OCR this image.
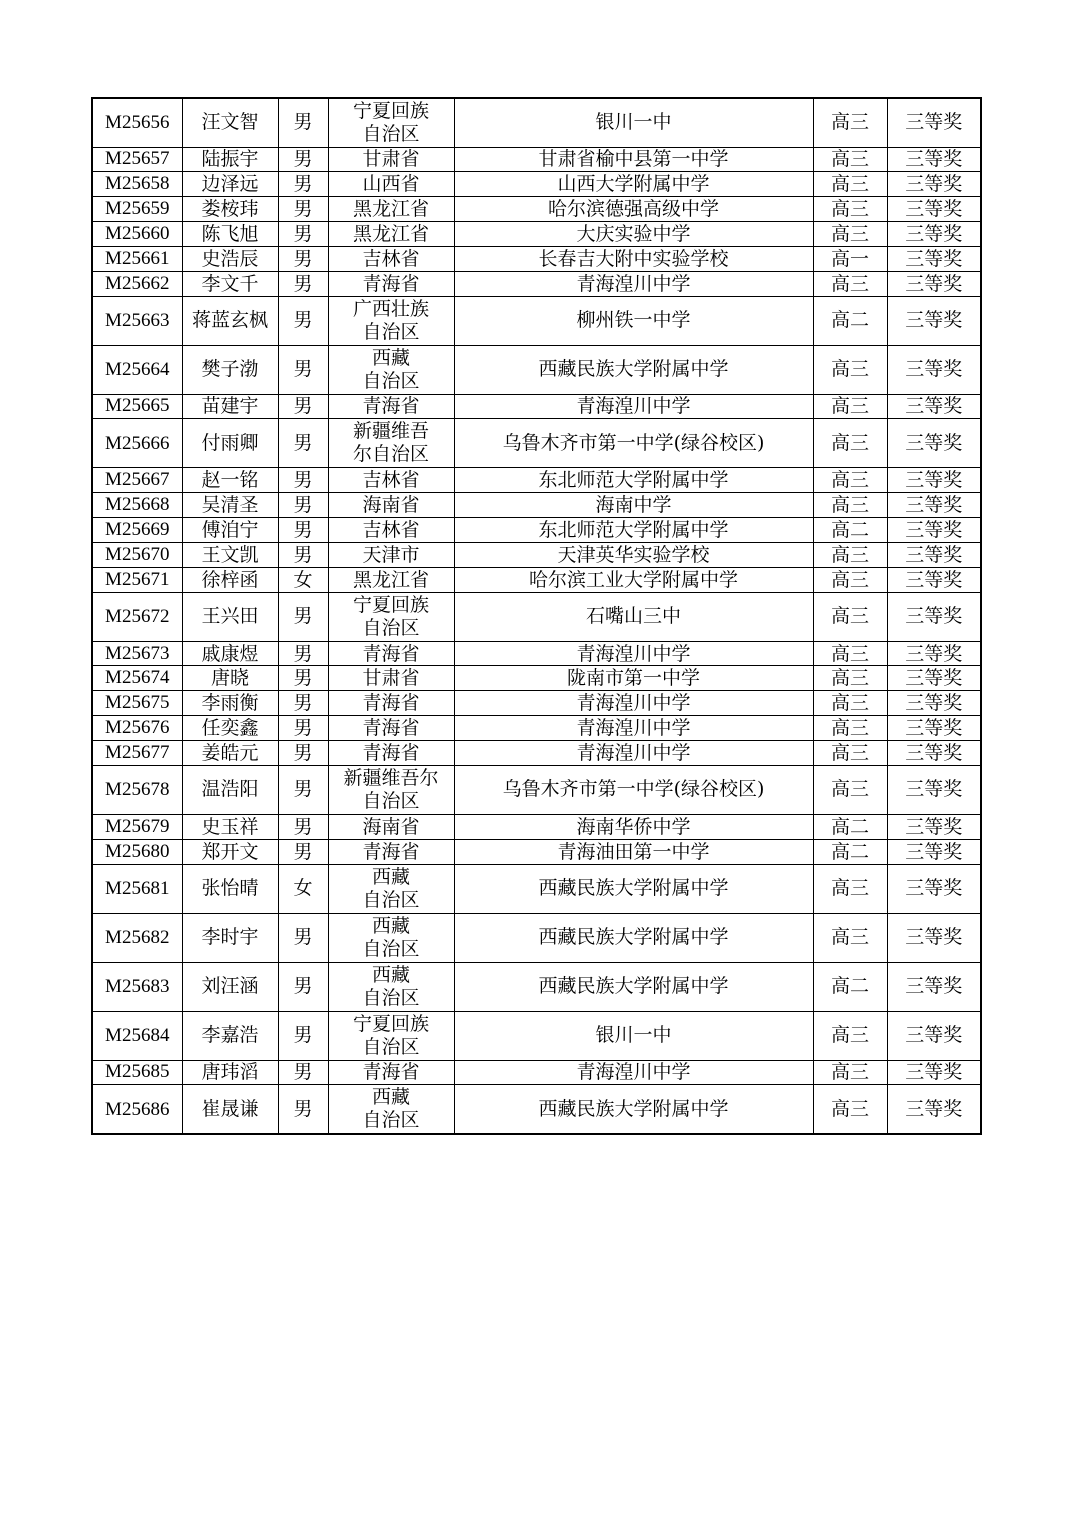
M25656	汪文智	男	宁夏回族
自治区	银川一中	高三	三等奖
M25657	陆振宇	男	甘肃省	甘肃省榆中县第一中学	高三	三等奖
M25658	边泽远	男	山西省	山西大学附属中学	高三	三等奖
M25659	娄桉玮	男	黑龙江省	哈尔滨德强高级中学	高三	三等奖
M25660	陈飞旭	男	黑龙江省	大庆实验中学	高三	三等奖
M25661	史浩辰	男	吉林省	长春吉大附中实验学校	高一	三等奖
M25662	李文千	男	青海省	青海湟川中学	高三	三等奖
M25663	蒋蓝玄枫	男	广西壮族
自治区	柳州铁一中学	高二	三等奖
M25664	樊子渤	男	西藏
自治区	西藏民族大学附属中学	高三	三等奖
M25665	苗建宇	男	青海省	青海湟川中学	高三	三等奖
M25666	付雨卿	男	新疆维吾
尔自治区	乌鲁木齐市第一中学(绿谷校区)	高三	三等奖
M25667	赵一铭	男	吉林省	东北师范大学附属中学	高三	三等奖
M25668	吴清圣	男	海南省	海南中学	高三	三等奖
M25669	傅洎宁	男	吉林省	东北师范大学附属中学	高二	三等奖
M25670	王文凯	男	天津市	天津英华实验学校	高三	三等奖
M25671	徐梓函	女	黑龙江省	哈尔滨工业大学附属中学	高三	三等奖
M25672	王兴田	男	宁夏回族
自治区	石嘴山三中	高三	三等奖
M25673	戚康煜	男	青海省	青海湟川中学	高三	三等奖
M25674	唐晓	男	甘肃省	陇南市第一中学	高三	三等奖
M25675	李雨衡	男	青海省	青海湟川中学	高三	三等奖
M25676	任奕鑫	男	青海省	青海湟川中学	高三	三等奖
M25677	姜皓元	男	青海省	青海湟川中学	高三	三等奖
M25678	温浩阳	男	新疆维吾尔
自治区	乌鲁木齐市第一中学(绿谷校区)	高三	三等奖
M25679	史玉祥	男	海南省	海南华侨中学	高二	三等奖
M25680	郑开文	男	青海省	青海油田第一中学	高二	三等奖
M25681	张怡晴	女	西藏
自治区	西藏民族大学附属中学	高三	三等奖
M25682	李时宇	男	西藏
自治区	西藏民族大学附属中学	高三	三等奖
M25683	刘汪涵	男	西藏
自治区	西藏民族大学附属中学	高二	三等奖
M25684	李嘉浩	男	宁夏回族
自治区	银川一中	高三	三等奖
M25685	唐玮滔	男	青海省	青海湟川中学	高三	三等奖
M25686	崔晟谦	男	西藏
自治区	西藏民族大学附属中学	高三	三等奖
